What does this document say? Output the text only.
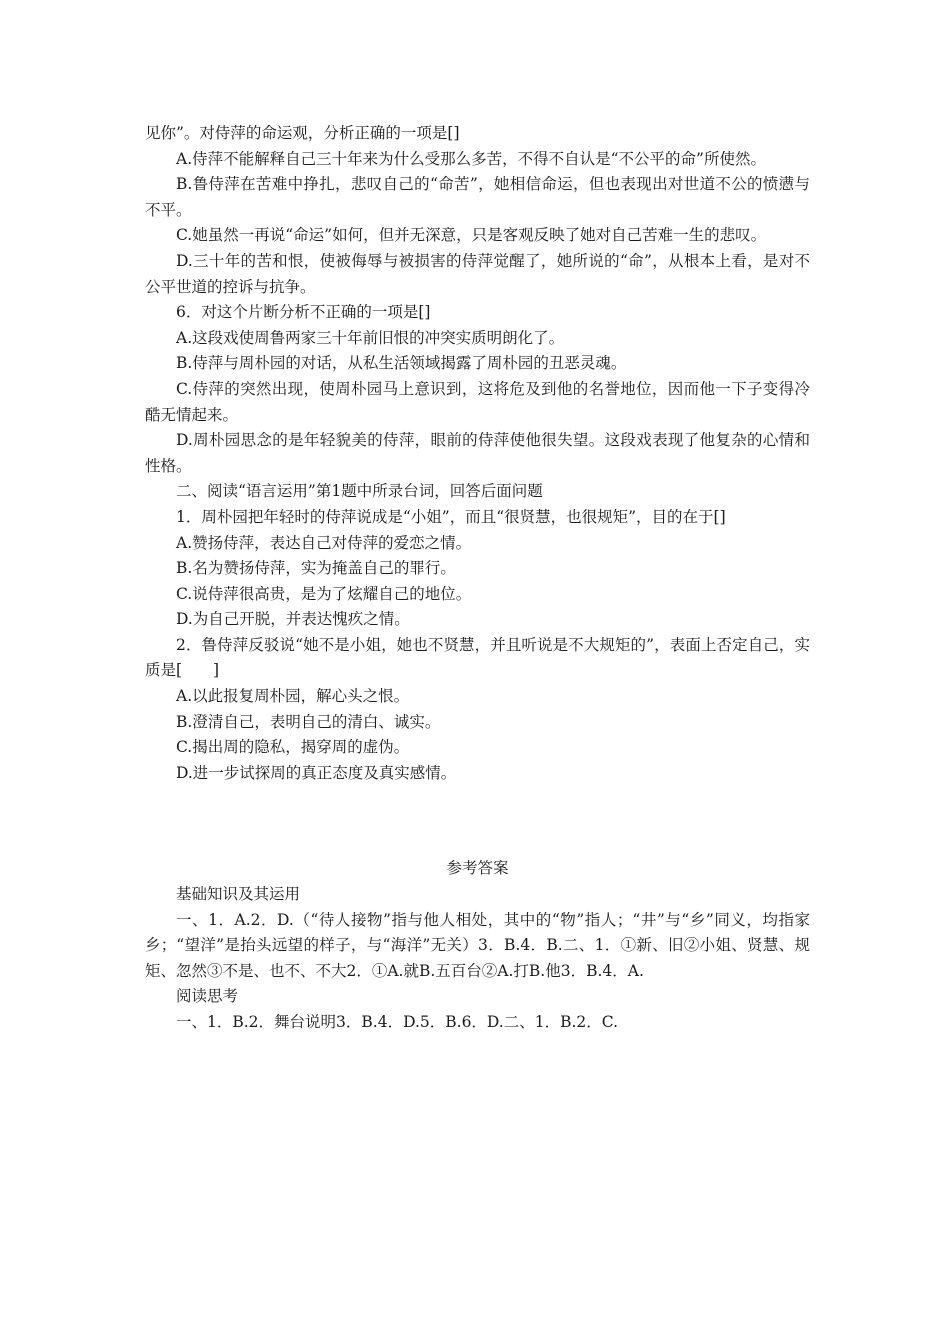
见你”。对侍萍的命运观，分析正确的一项是[]

A.侍萍不能解释自己三十年来为什么受那么多苦，不得不自认是“不公平的命”所使然。

B.鲁侍萍在苦难中挣扎，悲叹自己的“命苦”，她相信命运，但也表现出对世道不公的愤懑与不平。

C.她虽然一再说“命运”如何，但并无深意，只是客观反映了她对自己苦难一生的悲叹。

D.三十年的苦和恨，使被侮辱与被损害的侍萍觉醒了，她所说的“命”，从根本上看，是对不公平世道的控诉与抗争。

6．对这个片断分析不正确的一项是[]

A.这段戏使周鲁两家三十年前旧恨的冲突实质明朗化了。

B.侍萍与周朴园的对话，从私生活领域揭露了周朴园的丑恶灵魂。

C.侍萍的突然出现，使周朴园马上意识到，这将危及到他的名誉地位，因而他一下子变得冷酷无情起来。

D.周朴园思念的是年轻貌美的侍萍，眼前的侍萍使他很失望。这段戏表现了他复杂的心情和性格。

二、阅读“语言运用”第1题中所录台词，回答后面问题

1．周朴园把年轻时的侍萍说成是“小姐”，而且“很贤慧，也很规矩”，目的在于[]

A.赞扬侍萍，表达自己对侍萍的爱恋之情。

B.名为赞扬侍萍，实为掩盖自己的罪行。

C.说侍萍很高贵，是为了炫耀自己的地位。

D.为自己开脱，并表达愧疚之情。

2．鲁侍萍反驳说“她不是小姐，她也不贤慧，并且听说是不大规矩的”，表面上否定自己，实质是[　　]

A.以此报复周朴园，解心头之恨。

B.澄清自己，表明自己的清白、诚实。

C.揭出周的隐私，揭穿周的虚伪。

D.进一步试探周的真正态度及真实感情。

参考答案

基础知识及其运用

一、1．A.2．D.（“待人接物”指与他人相处，其中的“物”指人；“井”与“乡”同义，均指家乡；“望洋”是抬头远望的样子，与“海洋”无关）3．B.4．B.二、1．①新、旧②小姐、贤慧、规矩、忽然③不是、也不、不大2．①A.就B.五百台②A.打B.他3．B.4．A.

阅读思考

一、1．B.2．舞台说明3．B.4．D.5．B.6．D.二、1．B.2．C.
